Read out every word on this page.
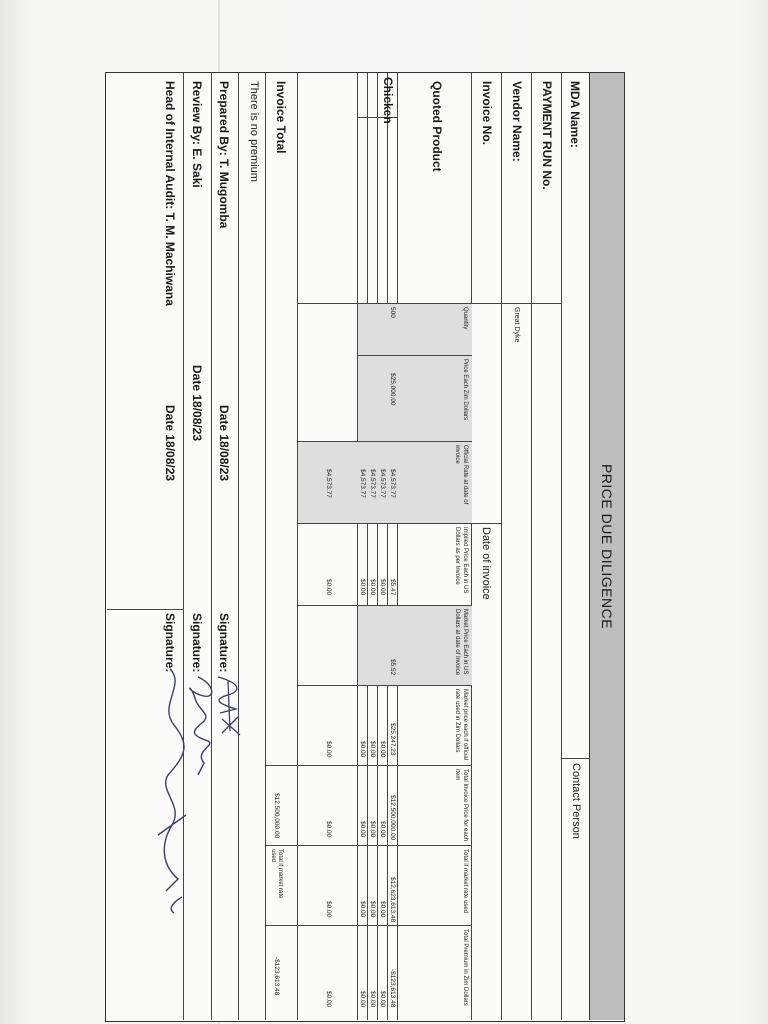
PRICE DUE DILIGENCE
MDA Name:
Contact Person
PAYMENT RUN No.
Vendor Name:
Great Dyke
Invoice No.
Date of invoice
Quoted Product
Chicken
Invoice Total
There is no premium
Quantity
Price Each Zim Dollars
Official Rate at date of invoice
Implied Price Each in US Dollars as per Invoice
Market Price Each in US Dollars at date of Invoice
Market price each if official rate used in Zim Dollars
Total Invoice Price for each item
Total if market rate used
Total Premium in Zim Dollars
500
$25,000.00
$4,573.77
$5.47
$5.52
$25,247.23
$12,500,000.00
$12,623,613.48
-$123,613.48
$4,573.77
$0.00
$0.00
$0.00
$0.00
$0.00
$4,573.77
$0.00
$0.00
$0.00
$0.00
$0.00
$4,573.77
$0.00
$0.00
$0.00
$0.00
$0.00
$4,573.77
$0.00
$0.00
$0.00
$0.00
$0.00
$12,500,000.00
Total if market rate used
-$123,613.48
Prepared By: T. Mugomba
Date 18/08/23
Signature:
Review By: E. Saki
Date 18/08/23
Signature:
Head of Internal Audit: T. M. Machiwana
Date 18/08/23
Signature:
